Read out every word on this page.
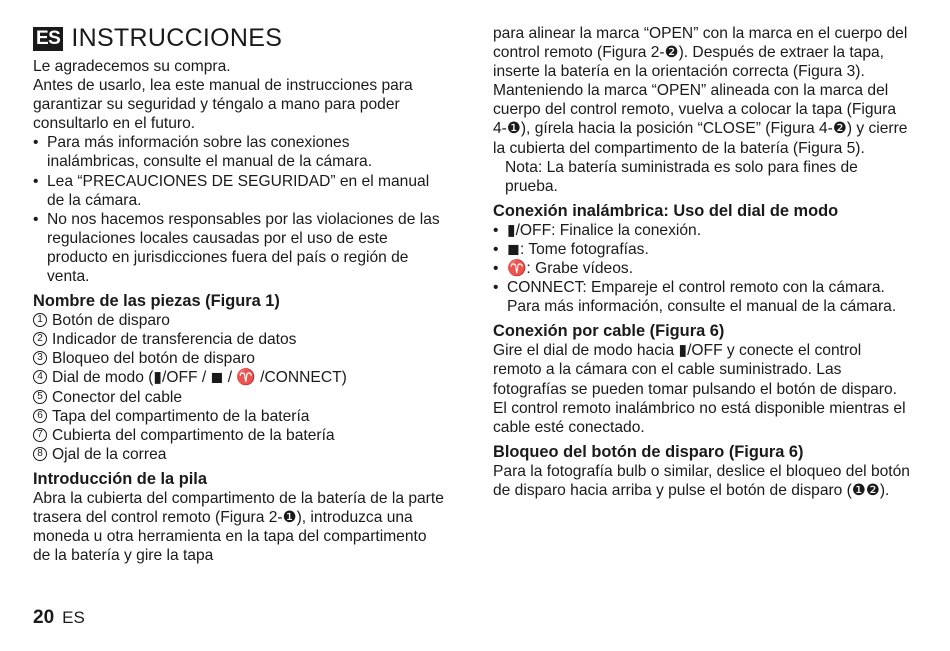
ES INSTRUCCIONES

Le agradecemos su compra.

Antes de usarlo, lea este manual de instrucciones para garantizar su seguridad y téngalo a mano para poder consultarlo en el futuro.

• Para más información sobre las conexiones inalámbricas, consulte el manual de la cámara.
• Lea “PRECAUCIONES DE SEGURIDAD” en el manual de la cámara.
• No nos hacemos responsables por las violaciones de las regulaciones locales causadas por el uso de este producto en jurisdicciones fuera del país o región de venta.

Nombre de las piezas (Figura 1)

1 Botón de disparo
2 Indicador de transferencia de datos
3 Bloqueo del botón de disparo
4 Dial de modo (▮/OFF / ◼ / ♈ /CONNECT)
5 Conector del cable
6 Tapa del compartimento de la batería
7 Cubierta del compartimento de la batería
8 Ojal de la correa

Introducción de la pila

Abra la cubierta del compartimento de la batería de la parte trasera del control remoto (Figura 2-❶), introduzca una moneda u otra herramienta en la tapa del compartimento de la batería y gire la tapa

para alinear la marca “OPEN” con la marca en el cuerpo del control remoto (Figura 2-❷). Después de extraer la tapa, inserte la batería en la orientación correcta (Figura 3). Manteniendo la marca “OPEN” alineada con la marca del cuerpo del control remoto, vuelva a colocar la tapa (Figura 4-❶), gírela hacia la posición “CLOSE” (Figura 4-❷) y cierre la cubierta del compartimento de la batería (Figura 5).

Nota: La batería suministrada es solo para fines de prueba.

Conexión inalámbrica: Uso del dial de modo

• ▮/OFF: Finalice la conexión.
• ◼: Tome fotografías.
• ♈: Grabe vídeos.
• CONNECT: Empareje el control remoto con la cámara. Para más información, consulte el manual de la cámara.

Conexión por cable (Figura 6)

Gire el dial de modo hacia ▮/OFF y conecte el control remoto a la cámara con el cable suministrado. Las fotografías se pueden tomar pulsando el botón de disparo. El control remoto inalámbrico no está disponible mientras el cable esté conectado.

Bloqueo del botón de disparo (Figura 6)

Para la fotografía bulb o similar, deslice el bloqueo del botón de disparo hacia arriba y pulse el botón de disparo (❶❷).

20 ES
